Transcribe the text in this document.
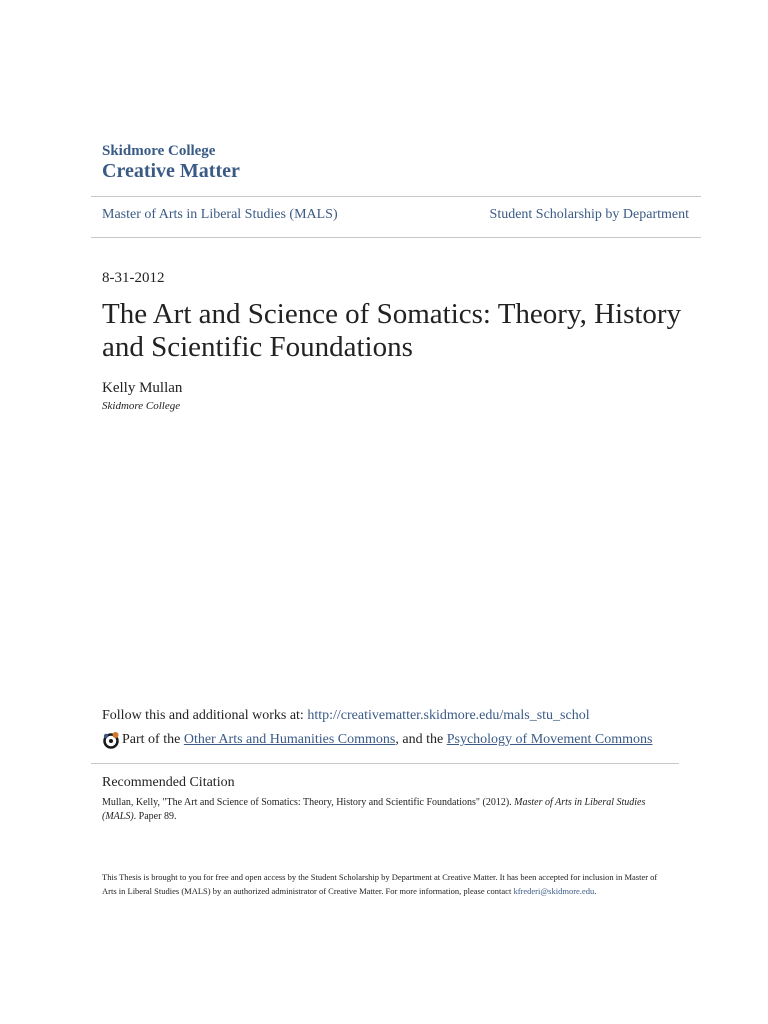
Skidmore College
Creative Matter
Master of Arts in Liberal Studies (MALS)	Student Scholarship by Department
8-31-2012
The Art and Science of Somatics: Theory, History and Scientific Foundations
Kelly Mullan
Skidmore College
Follow this and additional works at: http://creativematter.skidmore.edu/mals_stu_schol
Part of the
Other Arts and Humanities Commons , and the Psychology of Movement Commons
Recommended Citation
Mullan, Kelly, "The Art and Science of Somatics: Theory, History and Scientific Foundations" (2012). Master of Arts in Liberal Studies (MALS). Paper 89.
This Thesis is brought to you for free and open access by the Student Scholarship by Department at Creative Matter. It has been accepted for inclusion in Master of Arts in Liberal Studies (MALS) by an authorized administrator of Creative Matter. For more information, please contact kfrederi@skidmore.edu.
